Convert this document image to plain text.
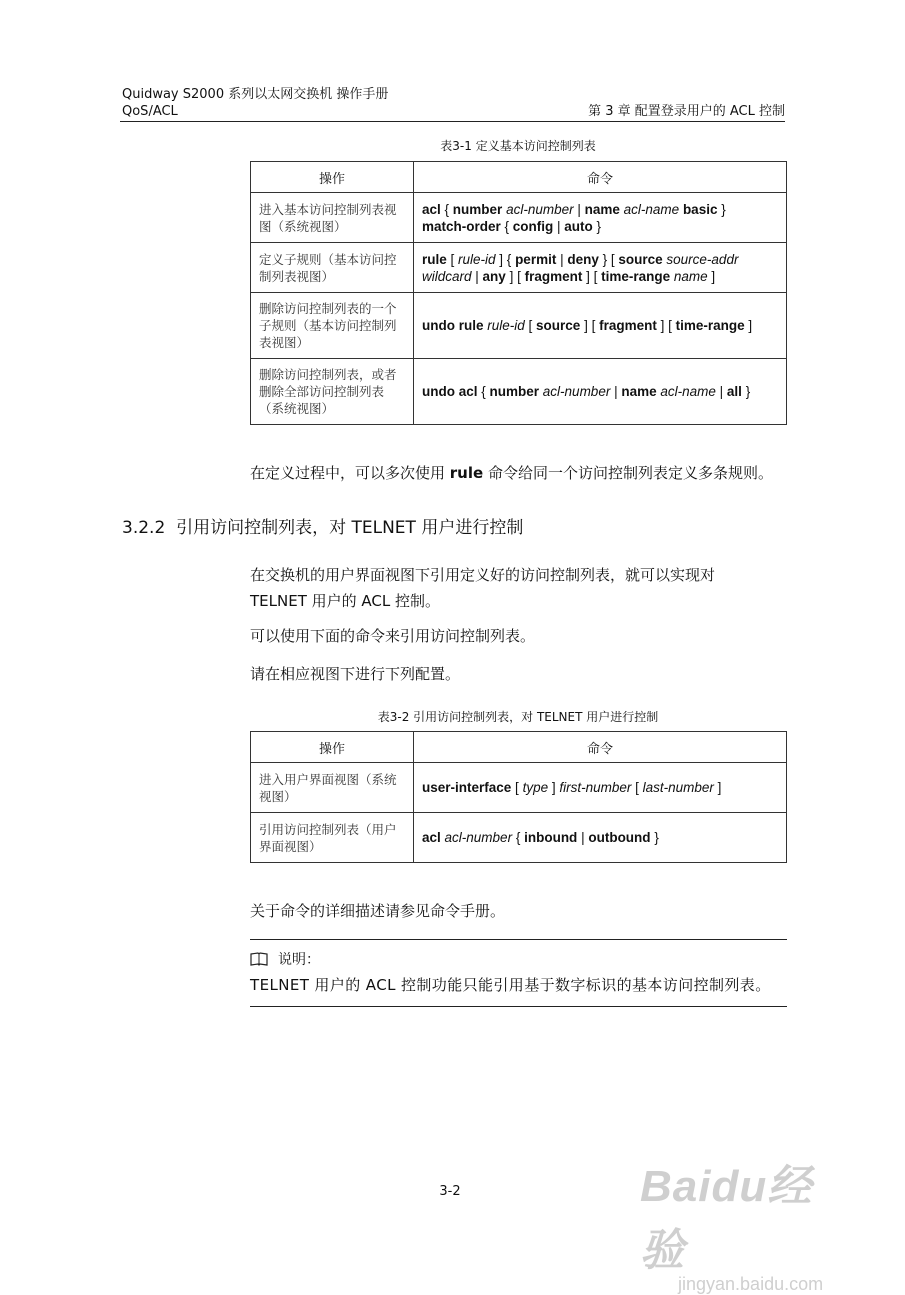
Quidway S2000 系列以太网交换机 操作手册
QoS/ACL	第 3 章 配置登录用户的 ACL 控制
表3-1 定义基本访问控制列表
操作	命令
进入基本访问控制列表视图（系统视图）	acl { number acl-number | name acl-name basic }
match-order { config | auto }

定义子规则（基本访问控制列表视图）	rule [ rule-id ] { permit | deny } [ source source-addr
wildcard | any ] [ fragment ] [ time-range name ]

删除访问控制列表的一个子规则（基本访问控制列表视图）	undo rule rule-id [ source ] [ fragment ] [ time-range ]

删除访问控制列表，或者删除全部访问控制列表（系统视图）	undo acl { number acl-number | name acl-name | all }
在定义过程中，可以多次使用 rule 命令给同一个访问控制列表定义多条规则。
3.2.2 引用访问控制列表，对 TELNET 用户进行控制
在交换机的用户界面视图下引用定义好的访问控制列表，就可以实现对
TELNET 用户的 ACL 控制。
可以使用下面的命令来引用访问控制列表。
请在相应视图下进行下列配置。
表3-2 引用访问控制列表，对 TELNET 用户进行控制
操作	命令
进入用户界面视图（系统视图）	user-interface [ type ] first-number [ last-number ]

引用访问控制列表（用户界面视图）	acl acl-number { inbound | outbound }
关于命令的详细描述请参见命令手册。
说明：
TELNET 用户的 ACL 控制功能只能引用基于数字标识的基本访问控制列表。
3-2	Baidu经验
jingyan.baidu.com
